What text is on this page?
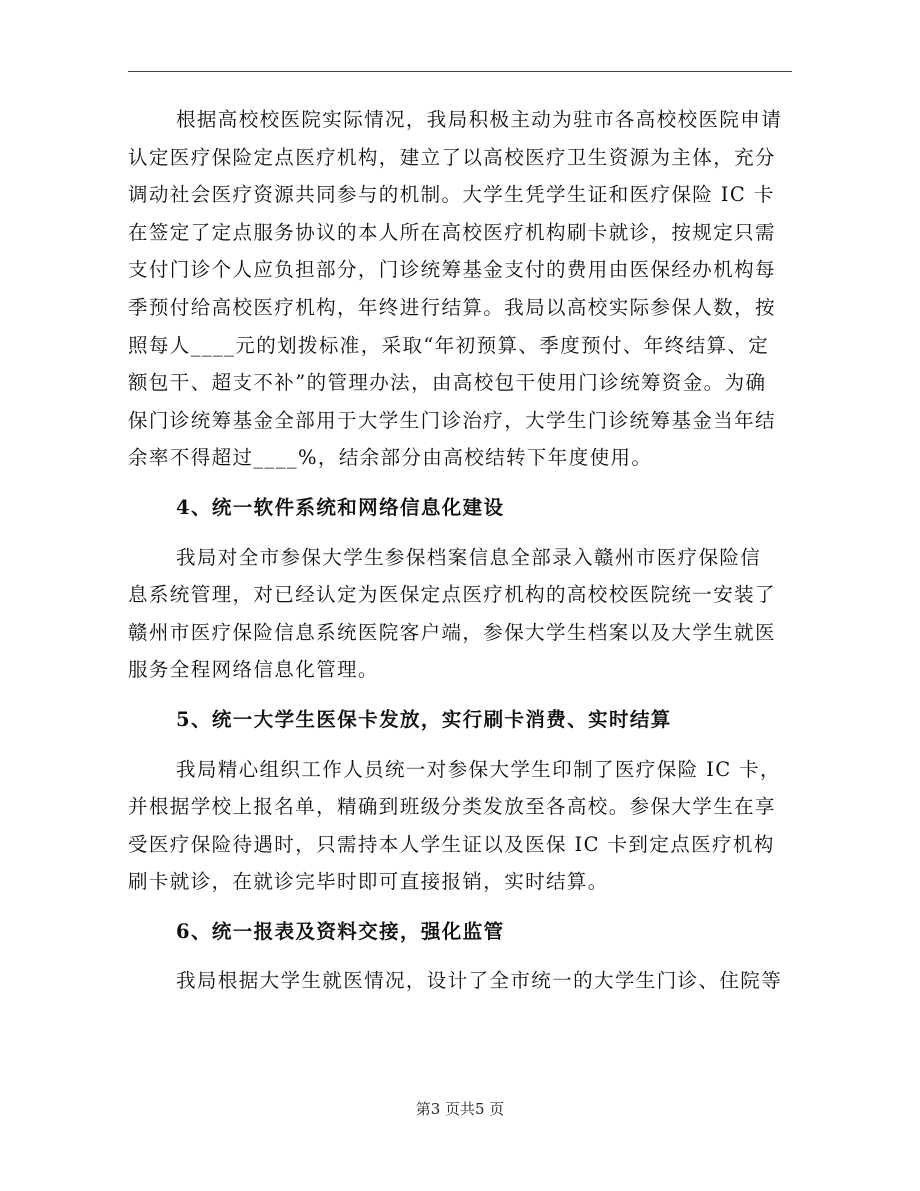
根据高校校医院实际情况，我局积极主动为驻市各高校校医院申请
认定医疗保险定点医疗机构，建立了以高校医疗卫生资源为主体，充分
调动社会医疗资源共同参与的机制。大学生凭学生证和医疗保险 IC 卡
在签定了定点服务协议的本人所在高校医疗机构刷卡就诊，按规定只需
支付门诊个人应负担部分，门诊统筹基金支付的费用由医保经办机构每
季预付给高校医疗机构，年终进行结算。我局以高校实际参保人数，按
照每人____元的划拨标准，采取“年初预算、季度预付、年终结算、定
额包干、超支不补”的管理办法，由高校包干使用门诊统筹资金。为确
保门诊统筹基金全部用于大学生门诊治疗，大学生门诊统筹基金当年结
余率不得超过____%，结余部分由高校结转下年度使用。
4、统一软件系统和网络信息化建设
我局对全市参保大学生参保档案信息全部录入赣州市医疗保险信
息系统管理，对已经认定为医保定点医疗机构的高校校医院统一安装了
赣州市医疗保险信息系统医院客户端，参保大学生档案以及大学生就医
服务全程网络信息化管理。
5、统一大学生医保卡发放，实行刷卡消费、实时结算
我局精心组织工作人员统一对参保大学生印制了医疗保险 IC 卡，
并根据学校上报名单，精确到班级分类发放至各高校。参保大学生在享
受医疗保险待遇时，只需持本人学生证以及医保 IC 卡到定点医疗机构
刷卡就诊，在就诊完毕时即可直接报销，实时结算。
6、统一报表及资料交接，强化监管
我局根据大学生就医情况，设计了全市统一的大学生门诊、住院等
第3 页共5 页
